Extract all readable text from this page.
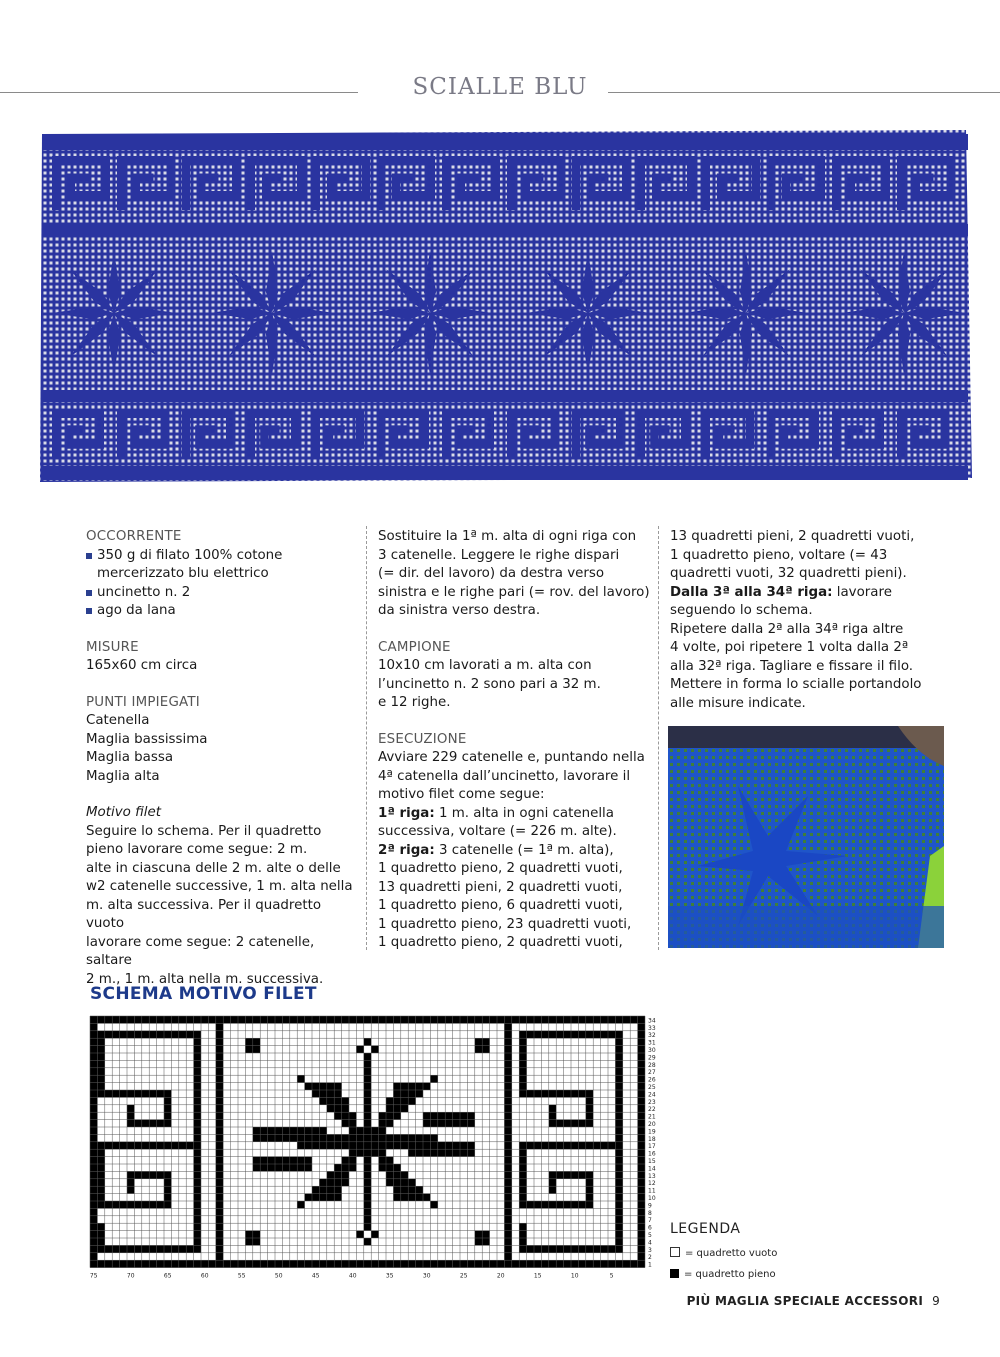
SCIALLE BLU
OCCORRENTE
350 g di filato 100% cotone
mercerizzato blu elettrico
uncinetto n. 2
ago da lana
MISURE
165x60 cm circa
PUNTI IMPIEGATI
Catenella
Maglia bassissima
Maglia bassa
Maglia alta
Motivo filet
Seguire lo schema. Per il quadretto
pieno lavorare come segue: 2 m.
alte in ciascuna delle 2 m. alte o delle
w2 catenelle successive, 1 m. alta nella
m. alta successiva. Per il quadretto vuoto
lavorare come segue: 2 catenelle, saltare
2 m., 1 m. alta nella m. successiva.
Sostituire la 1ª m. alta di ogni riga con
3 catenelle. Leggere le righe dispari
(= dir. del lavoro) da destra verso
sinistra e le righe pari (= rov. del lavoro)
da sinistra verso destra.
CAMPIONE
10x10 cm lavorati a m. alta con
l’uncinetto n. 2 sono pari a 32 m.
e 12 righe.
ESECUZIONE
Avviare 229 catenelle e, puntando nella
4ª catenella dall’uncinetto, lavorare il
motivo filet come segue:
1ª riga: 1 m. alta in ogni catenella
successiva, voltare (= 226 m. alte).
2ª riga: 3 catenelle (= 1ª m. alta),
1 quadretto pieno, 2 quadretti vuoti,
13 quadretti pieni, 2 quadretti vuoti,
1 quadretto pieno, 6 quadretti vuoti,
1 quadretto pieno, 23 quadretti vuoti,
1 quadretto pieno, 2 quadretti vuoti,
13 quadretti pieni, 2 quadretti vuoti,
1 quadretto pieno, voltare (= 43
quadretti vuoti, 32 quadretti pieni).
Dalla 3ª alla 34ª riga: lavorare
seguendo lo schema.
Ripetere dalla 2ª alla 34ª riga altre
4 volte, poi ripetere 1 volta dalla 2ª
alla 32ª riga. Tagliare e fissare il filo.
Mettere in forma lo scialle portandolo
alle misure indicate.
SCHEMA MOTIVO FILET
34
33
32
31
30
29
28
27
26
25
24
23
22
21
20
19
18
17
16
15
14
13
12
11
10
9
8
7
6
5
4
3
2
1
75	70	65	60	55	50	45	40	35	30	25	20	15	10	5
LEGENDA
= quadretto vuoto
= quadretto pieno
PIÙ MAGLIA SPECIALE ACCESSORI 9
